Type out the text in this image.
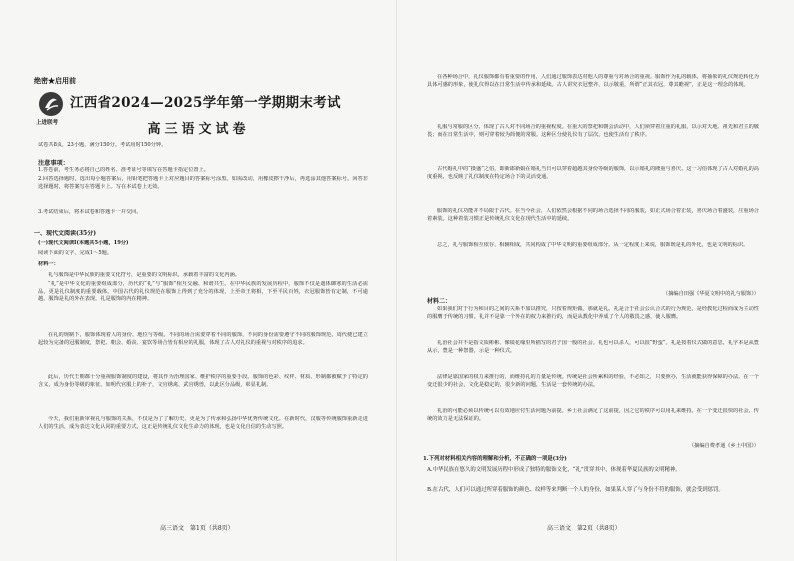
绝密★启用前
上进联考
江西省2024—2025学年第一学期期末考试
高三语文试卷
试卷共8页，23小题，满分150分。考试用时150分钟。
注意事项：
1.答卷前，考生务必将自己的姓名、准考证号等填写在答题卡指定位置上。
2.回答选择题时，选出每小题答案后，用铅笔把答题卡上对应题目的答案标号涂黑。如需改动，用橡皮擦干净后，再选涂其他答案标号。回答非选择题时，将答案写在答题卡上。写在本试卷上无效。
3.考试结束后，将本试卷和答题卡一并交回。
一、现代文阅读(35分)
(一)现代文阅读Ⅰ(本题共5小题，19分)
阅读下面的文字，完成1～5题。
材料一：
礼与服饰是中华民族的重要文化符号，是重要的文明标识，承载着丰富的文化内涵。
“礼”是中华文化的重要组成部分，历代的“礼”与“服饰”相互交融、和谐共生。在中华民族的发展历程中，服饰不仅是遮体御寒的生活必需品，更是礼仪制度的重要载体。中国古代的礼仪规范在服饰上得到了充分的体现，上至帝王将相，下至平民百姓，衣冠服饰皆有定制，不可逾越。服饰是礼的外在表现，礼是服饰的内在精神。
在礼的规制下，服饰体现着人的身份、地位与等级。不同的场合需要穿着不同的服饰，不同的身份需要遵守不同的服饰规范。周代便已建立起较为完备的冠服制度，祭祀、朝会、婚丧、宴饮等场合皆有相应的礼服，体现了古人对礼仪的重视与对秩序的追求。
此后，历代王朝都十分重视服饰制度的建设，将其作为治理国家、维护秩序的重要手段。服饰的色彩、纹样、材质、形制都被赋予了特定的含义，成为身份等级的象征。如明代官服上的补子，文官绣禽，武官绣兽，以此区分品级，彰显礼制。
今天，我们重新审视礼与服饰的关系，不仅是为了了解历史，更是为了传承和弘扬中华优秀传统文化。在新时代，汉服等传统服饰重新走进人们的生活，成为表达文化认同的重要方式，这正是传统礼仪文化生命力的体现，也是文化自信的生动写照。
高三语文　第1页（共8页）
在各种场合中，礼仪服饰都有着重要的作用，人们通过服饰表达对他人的尊重与对场合的重视。服饰作为礼的载体，将抽象的礼仪规范转化为具体可感的形象，使礼仪得以在日常生活中传承和延续。古人讲究衣冠整齐，以示敬重，所谓“正其衣冠，尊其瞻视”，正是这一理念的体现。
礼服与常服的区分，体现了古人对不同场合的重视程度。在重大的祭祀和朝会活动中，人们须穿着庄重的礼服，以示对天地、祖先和君主的敬畏；而在日常生活中，则可穿着较为简便的常服。这种区分使礼仪有了层次，也使生活有了秩序。
古代婚礼中的“摄盛”之俗，即新郎新娘在婚礼当日可以穿着超越其身份等级的服饰，以示婚礼的隆重与喜庆。这一习俗体现了古人对婚礼的高度重视，也反映了礼仪制度在特定场合下的灵活变通。
服饰的礼仪功能并不局限于古代。在当今社会，人们依然会根据不同的场合选择不同的服装，如正式场合着正装，喜庆场合着盛装，庄重场合着素装。这种着装习惯正是传统礼仪文化在现代生活中的延续。
总之，礼与服饰相互依存、相辅相成，共同构成了中华文明的重要组成部分。从一定程度上来说，服饰既是礼的外化，也是文明的标识。
（摘编自田强《华夏文明中的礼与服饰》）
材料二：
如果我们对于行为和目的之间的关系不加以推究，只按着规矩做，那就是礼。礼是合于社会公认合式的行为规范，是经教化过程而成为主动性的服膺于传统的习惯。礼并不是靠一个外在的权力来推行的，而是从教化中养成了个人的敬畏之感，使人服膺。
礼治社会并不是指文质彬彬、像镜花缘里所描写的君子国一般的社会。礼也可以杀人，可以很“野蛮”。礼是按着仪式做的意思，礼字本是从豊从示，豊是一种祭器，示是一种仪式。
法律是靠国家的权力来推行的，而维持礼的力量是传统。传统是社会所累积的经验，不必知之，只要照办，生活就能获得保障的办法。在一个变迁很少的社会，文化是稳定的，很少新的问题，生活是一套传统的办法。
礼治的可能必须以传统可以有效地应付生活问题为前提。乡土社会满足了这前提，因之它的秩序可以用礼来维持。在一个变迁很快的社会，传统的效力是无法保证的。
（摘编自费孝通《乡土中国》）
1.下列对材料相关内容的理解和分析，不正确的一项是(3分)
A.中华民族在悠久的文明发展历程中形成了独特的服饰文化，“礼”贯穿其中，体现着华夏民族的文明精神。
B.在古代，人们可以通过所穿着服饰的颜色、纹样等来判断一个人的身份，如果某人穿了与身份不符的服饰，就会受到惩罚。
高三语文　第2页（共8页）
